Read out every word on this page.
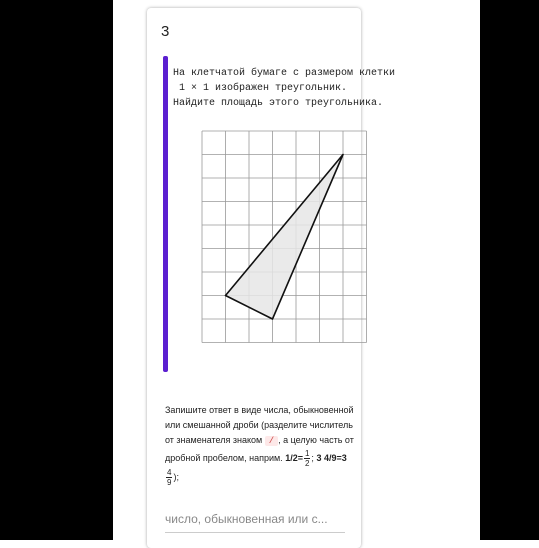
3
На клетчатой бумаге с размером клетки
1 × 1 изображен треугольник.
Найдите площадь этого треугольника.
Запишите ответ в виде числа, обыкновенной или смешанной дроби (разделите числитель от знаменателя знаком / , а целую часть от дробной пробелом, наприм. $1/2= \frac{1}{2}$ ; 3 4/9=3
$\frac{4}{9}$ );
число, обыкновенная или с...
